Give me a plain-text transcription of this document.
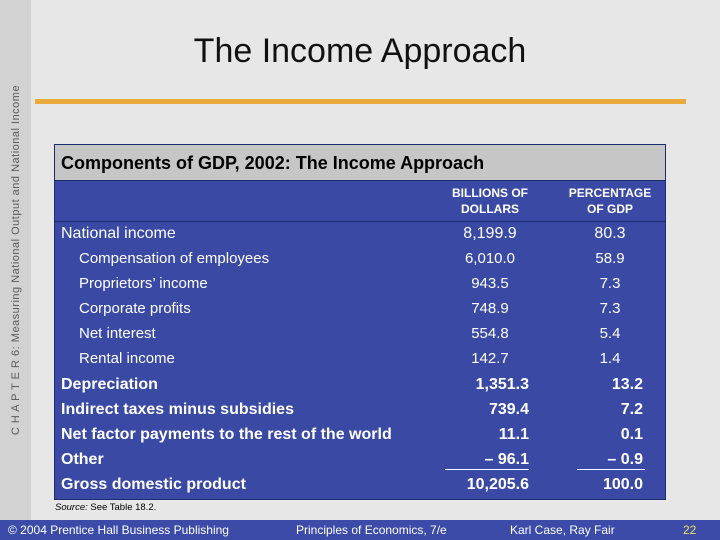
C H A P T E R 6: Measuring National Output and National Income
The Income Approach
Components of GDP, 2002: The Income Approach
BILLIONS OF
DOLLARS
PERCENTAGE
OF GDP
National income	8,199.9	80.3
Compensation of employees	6,010.0	58.9
Proprietors’ income	943.5	7.3
Corporate profits	748.9	7.3
Net interest	554.8	5.4
Rental income	142.7	1.4
Depreciation	1,351.3	13.2
Indirect taxes minus subsidies	739.4	7.2
Net factor payments to the rest of the world	11.1	0.1
Other	– 96.1	– 0.9
Gross domestic product	10,205.6	100.0
Source: See Table 18.2.
© 2004 Prentice Hall Business Publishing	Principles of Economics, 7/e	Karl Case, Ray Fair	22
